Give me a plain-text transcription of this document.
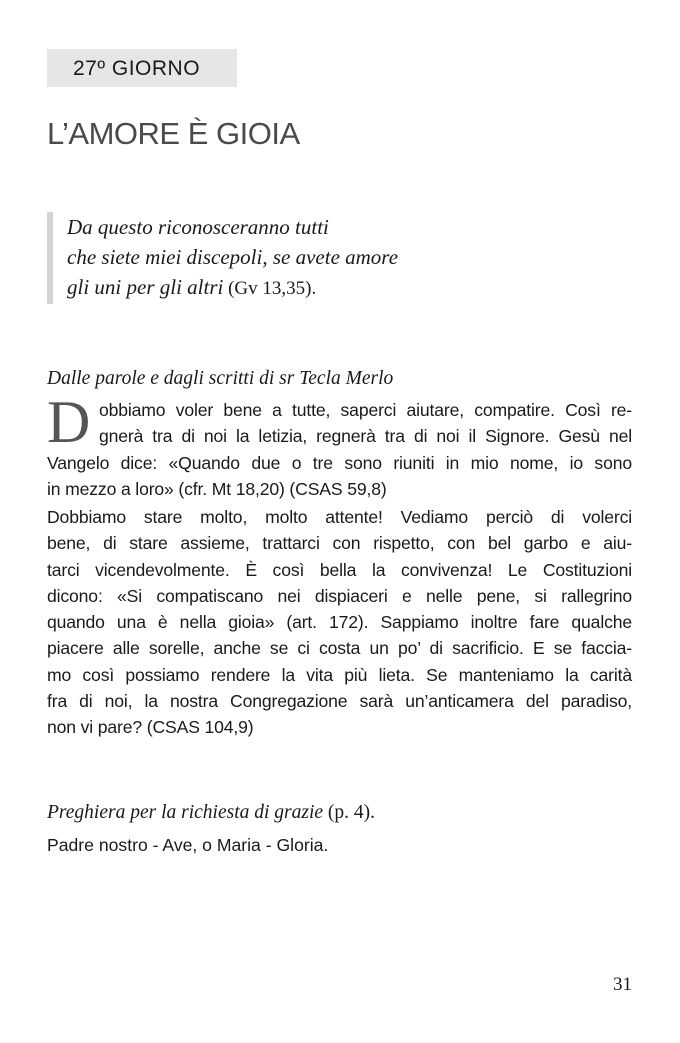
27º GIORNO
L’AMORE È GIOIA
Da questo riconosceranno tutti
che siete miei discepoli, se avete amore
gli uni per gli altri (Gv 13,35).
Dalle parole e dagli scritti di sr Tecla Merlo
D obbiamo voler bene a tutte, saperci aiutare, compatire. Così re-
gnerà tra di noi la letizia, regnerà tra di noi il Signore. Gesù nel
Vangelo dice: «Quando due o tre sono riuniti in mio nome, io sono
in mezzo a loro» (cfr. Mt 18,20) (CSAS 59,8)
Dobbiamo stare molto, molto attente! Vediamo perciò di volerci
bene, di stare assieme, trattarci con rispetto, con bel garbo e aiu-
tarci vicendevolmente. È così bella la convivenza! Le Costituzioni
dicono: «Si compatiscano nei dispiaceri e nelle pene, si rallegrino
quando una è nella gioia» (art. 172). Sappiamo inoltre fare qualche
piacere alle sorelle, anche se ci costa un po’ di sacrificio. E se faccia-
mo così possiamo rendere la vita più lieta. Se manteniamo la carità
fra di noi, la nostra Congregazione sarà un’anticamera del paradiso,
non vi pare? (CSAS 104,9)
Preghiera per la richiesta di grazie (p. 4).
Padre nostro - Ave, o Maria - Gloria.
31
